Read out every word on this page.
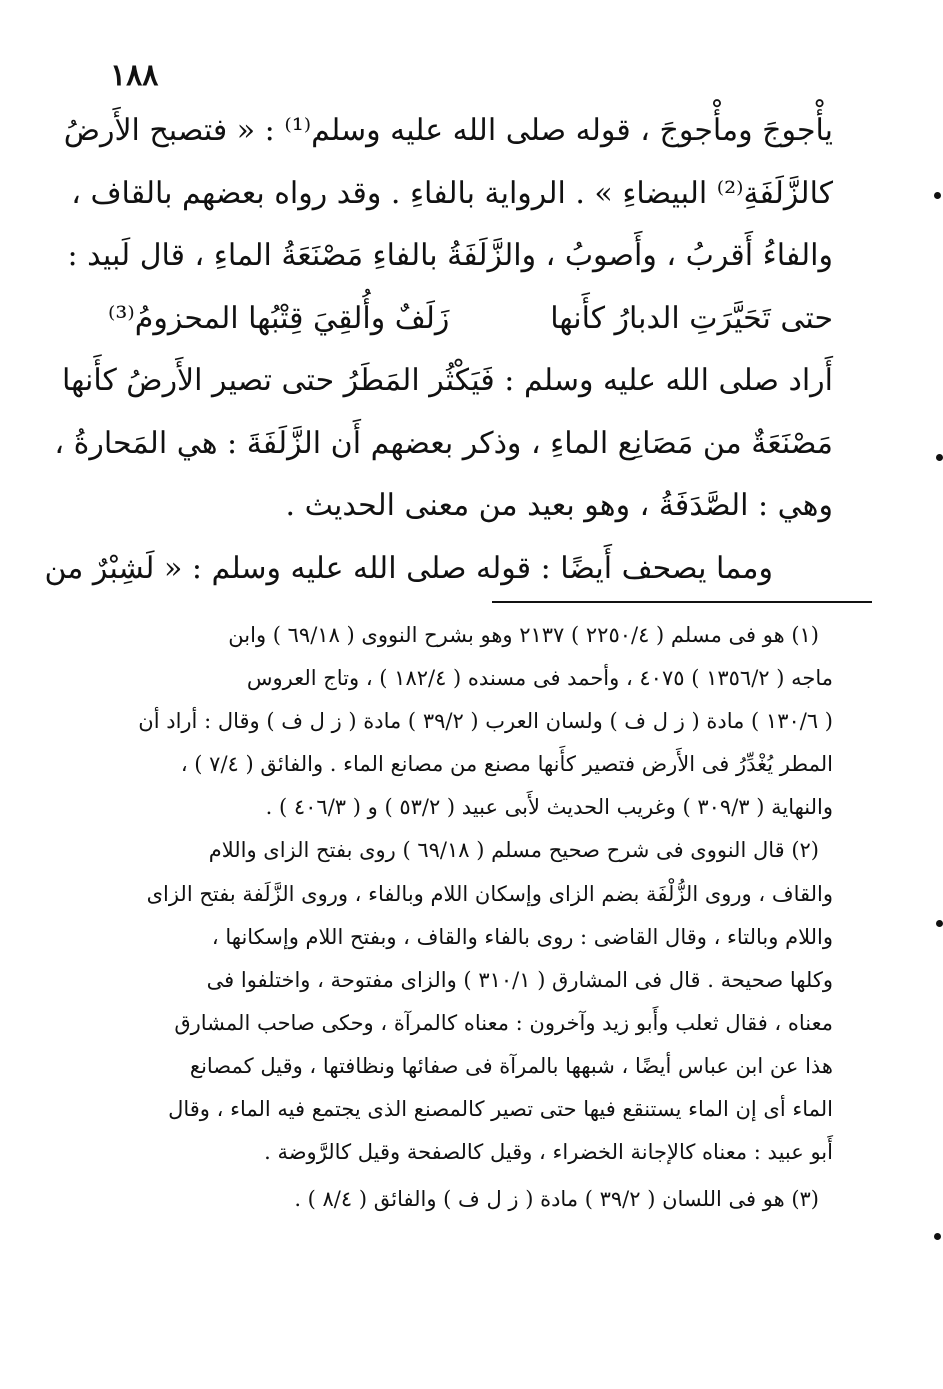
١٨٨
يأْجوجَ ومأْجوجَ ، قوله صلى الله عليه وسلم⁽¹⁾ : « فتصبح الأَرضُ
كالزَّلَفَةِ⁽²⁾ البيضاءِ » . الرواية بالفاءِ . وقد رواه بعضهم بالقاف ،
والفاءُ أَقربُ ، وأَصوبُ ، والزَّلَفَةُ بالفاءِ مَصْنَعَةُ الماءِ ، قال لَبيد :
حتى تَحَيَّرَتِ الدبارُ كأَنها
زَلَفٌ وأُلقِيَ قِتْبُها المحزومُ⁽³⁾
أَراد صلى الله عليه وسلم : فَيَكْثُر المَطَرُ حتى تصير الأَرضُ كأَنها
مَصْنَعَةٌ من مَصَانِع الماءِ ، وذكر بعضهم أَن الزَّلَفَةَ : هي المَحارةُ ،
وهي : الصَّدَفَةُ ، وهو بعيد من معنى الحديث .
ومما يصحف أَيضًا : قوله صلى الله عليه وسلم : « لَشِبْرٌ من
(١) هو فى مسلم ( ٢٢٥٠/٤ ) ٢١٣٧ وهو بشرح النووى ( ٦٩/١٨ ) وابن
ماجه ( ١٣٥٦/٢ ) ٤٠٧٥ ، وأحمد فى مسنده ( ١٨٢/٤ ) ، وتاج العروس
( ١٣٠/٦ ) مادة ( ز ل ف ) ولسان العرب ( ٣٩/٢ ) مادة ( ز ل ف ) وقال : أراد أن
المطر يُغْدِّرُ فى الأَرض فتصير كأَنها مصنع من مصانع الماء . والفائق ( ٧/٤ ) ،
والنهاية ( ٣٠٩/٣ ) وغريب الحديث لأَبى عبيد ( ٥٣/٢ ) و ( ٤٠٦/٣ ) .
(٢) قال النووى فى شرح صحيح مسلم ( ٦٩/١٨ ) روى بفتح الزاى واللام
والقاف ، وروى الزُّلْفَة بضم الزاى وإسكان اللام وبالفاء ، وروى الزَّلَفة بفتح الزاى
واللام وبالتاء ، وقال القاضى : روى بالفاء والقاف ، وبفتح اللام وإسكانها ،
وكلها صحيحة . قال فى المشارق ( ٣١٠/١ ) والزاى مفتوحة ، واختلفوا فى
معناه ، فقال ثعلب وأَبو زيد وآخرون : معناه كالمرآة ، وحكى صاحب المشارق
هذا عن ابن عباس أيضًا ، شبهها بالمرآة فى صفائها ونظافتها ، وقيل كمصانع
الماء أى إن الماء يستنقع فيها حتى تصير كالمصنع الذى يجتمع فيه الماء ، وقال
أَبو عبيد : معناه كالإجانة الخضراء ، وقيل كالصفحة وقيل كالرَّوضة .
(٣) هو فى اللسان ( ٣٩/٢ ) مادة ( ز ل ف ) والفائق ( ٨/٤ ) .
